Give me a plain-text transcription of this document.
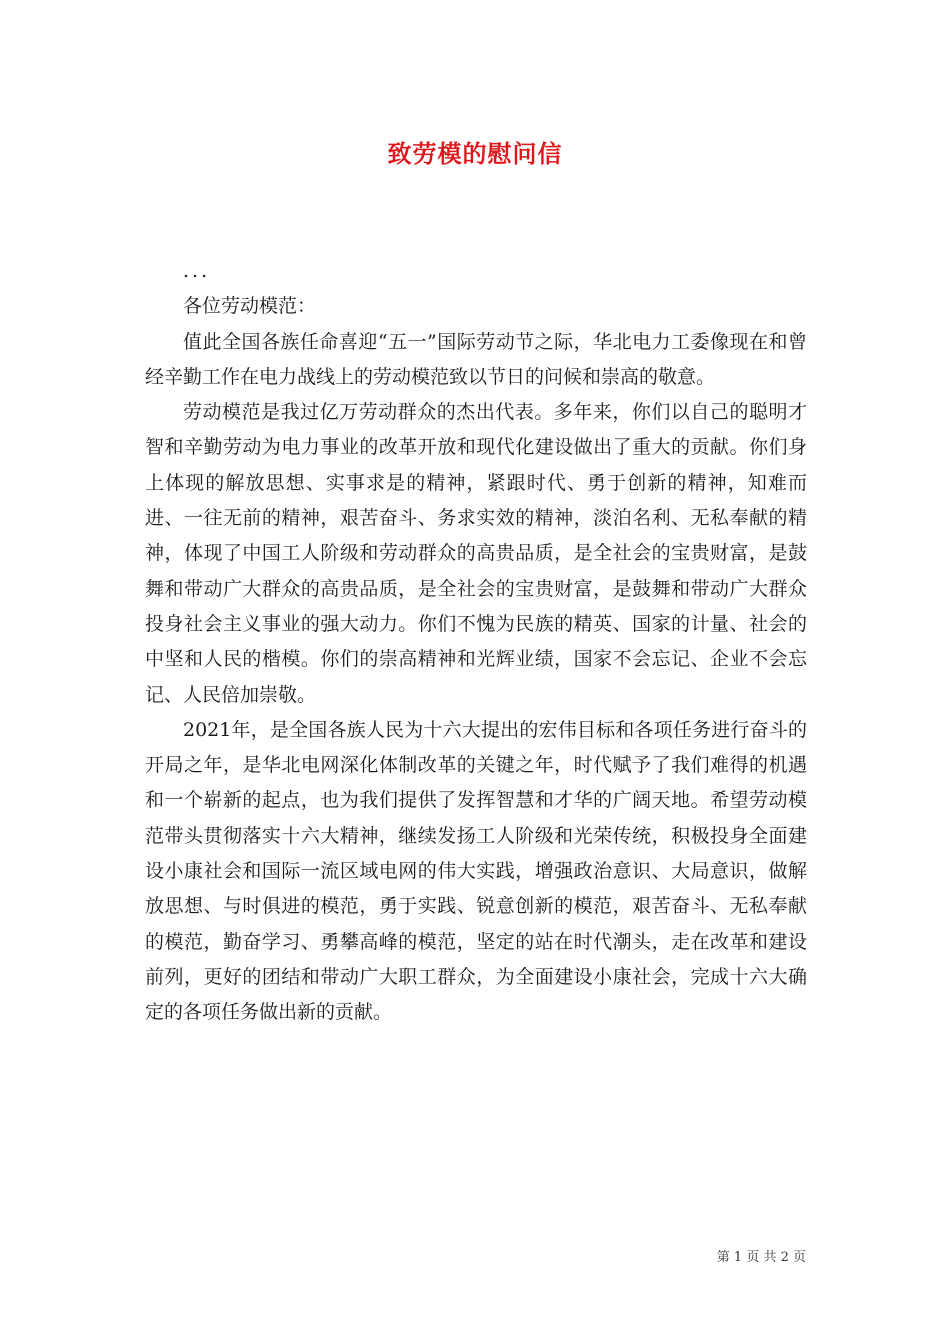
致劳模的慰问信

...

各位劳动模范：

值此全国各族任命喜迎“五一”国际劳动节之际，华北电力工委像现在和曾经辛勤工作在电力战线上的劳动模范致以节日的问候和崇高的敬意。

劳动模范是我过亿万劳动群众的杰出代表。多年来，你们以自己的聪明才智和辛勤劳动为电力事业的改革开放和现代化建设做出了重大的贡献。你们身上体现的解放思想、实事求是的精神，紧跟时代、勇于创新的精神，知难而进、一往无前的精神，艰苦奋斗、务求实效的精神，淡泊名利、无私奉献的精神，体现了中国工人阶级和劳动群众的高贵品质，是全社会的宝贵财富，是鼓舞和带动广大群众的高贵品质，是全社会的宝贵财富，是鼓舞和带动广大群众投身社会主义事业的强大动力。你们不愧为民族的精英、国家的计量、社会的中坚和人民的楷模。你们的崇高精神和光辉业绩，国家不会忘记、企业不会忘记、人民倍加崇敬。

2021年，是全国各族人民为十六大提出的宏伟目标和各项任务进行奋斗的开局之年，是华北电网深化体制改革的关键之年，时代赋予了我们难得的机遇和一个崭新的起点，也为我们提供了发挥智慧和才华的广阔天地。希望劳动模范带头贯彻落实十六大精神，继续发扬工人阶级和光荣传统，积极投身全面建设小康社会和国际一流区域电网的伟大实践，增强政治意识、大局意识，做解放思想、与时俱进的模范，勇于实践、锐意创新的模范，艰苦奋斗、无私奉献的模范，勤奋学习、勇攀高峰的模范，坚定的站在时代潮头，走在改革和建设前列，更好的团结和带动广大职工群众，为全面建设小康社会，完成十六大确定的各项任务做出新的贡献。

第 1 页 共 2 页
